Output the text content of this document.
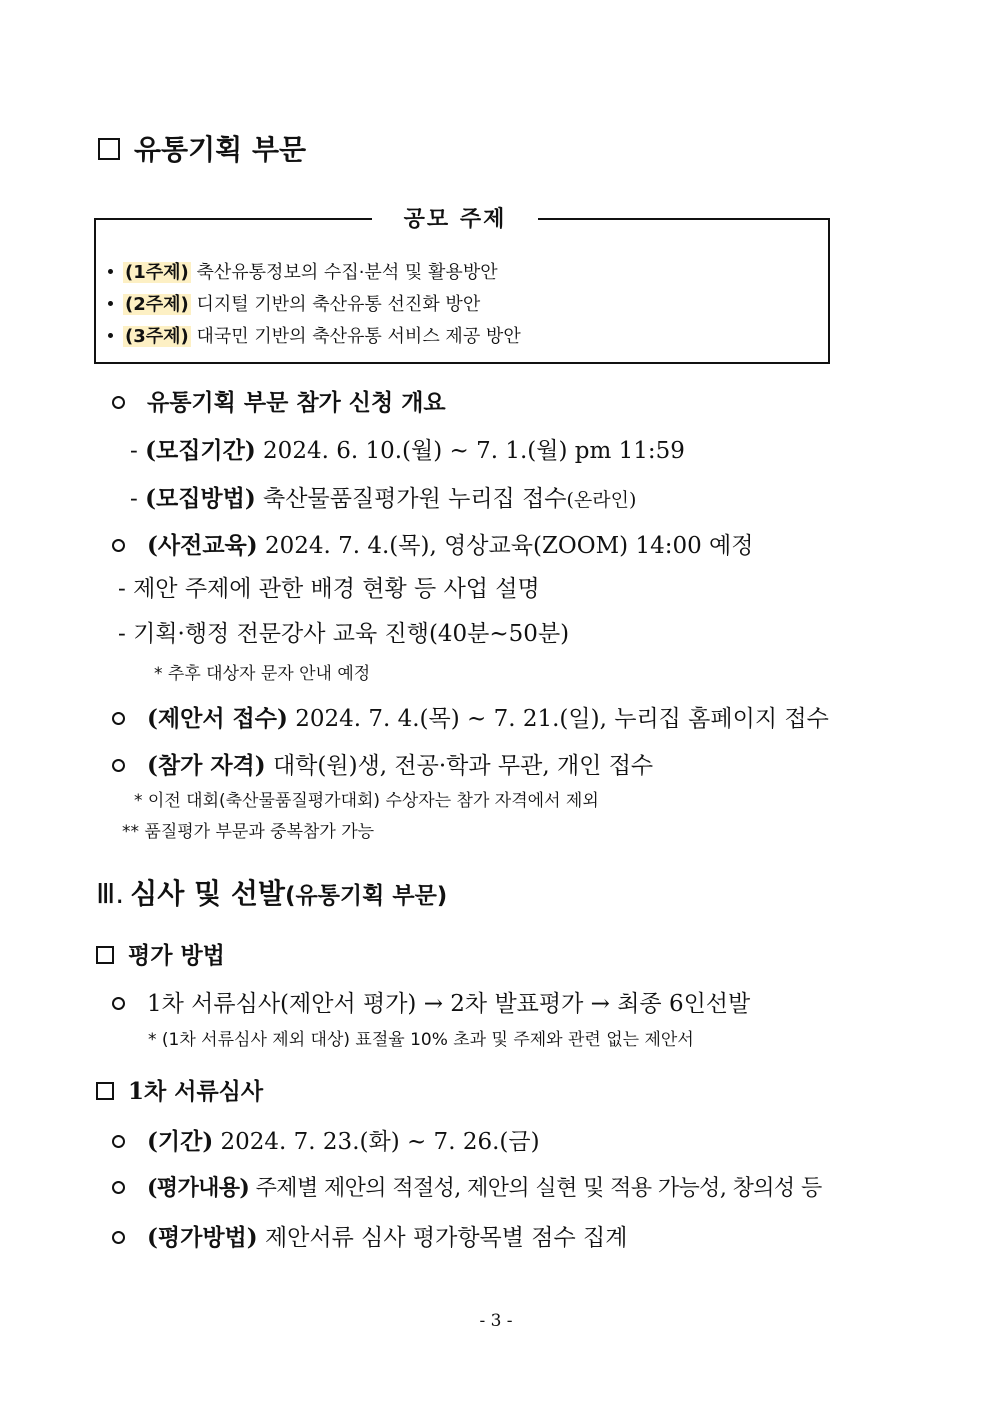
유통기획 부문
공모 주제
(1주제) 축산유통정보의 수집·분석 및 활용방안
(2주제) 디지털 기반의 축산유통 선진화 방안
(3주제) 대국민 기반의 축산유통 서비스 제공 방안
유통기획 부문 참가 신청 개요
- (모집기간) 2024. 6. 10.(월) ~ 7. 1.(월) pm 11:59
- (모집방법) 축산물품질평가원 누리집 접수(온라인)
(사전교육) 2024. 7. 4.(목), 영상교육(ZOOM) 14:00 예정
- 제안 주제에 관한 배경 현황 등 사업 설명
- 기획·행정 전문강사 교육 진행(40분~50분)
* 추후 대상자 문자 안내 예정
(제안서 접수) 2024. 7. 4.(목) ~ 7. 21.(일), 누리집 홈페이지 접수
(참가 자격) 대학(원)생, 전공·학과 무관, 개인 접수
* 이전 대회(축산물품질평가대회) 수상자는 참가 자격에서 제외
** 품질평가 부문과 중복참가 가능
Ⅲ. 심사 및 선발(유통기획 부문)
평가 방법
1차 서류심사(제안서 평가) → 2차 발표평가 → 최종 6인선발
* (1차 서류심사 제외 대상) 표절율 10% 초과 및 주제와 관련 없는 제안서
1차 서류심사
(기간) 2024. 7. 23.(화) ~ 7. 26.(금)
(평가내용) 주제별 제안의 적절성, 제안의 실현 및 적용 가능성, 창의성 등
(평가방법) 제안서류 심사 평가항목별 점수 집계
- 3 -
